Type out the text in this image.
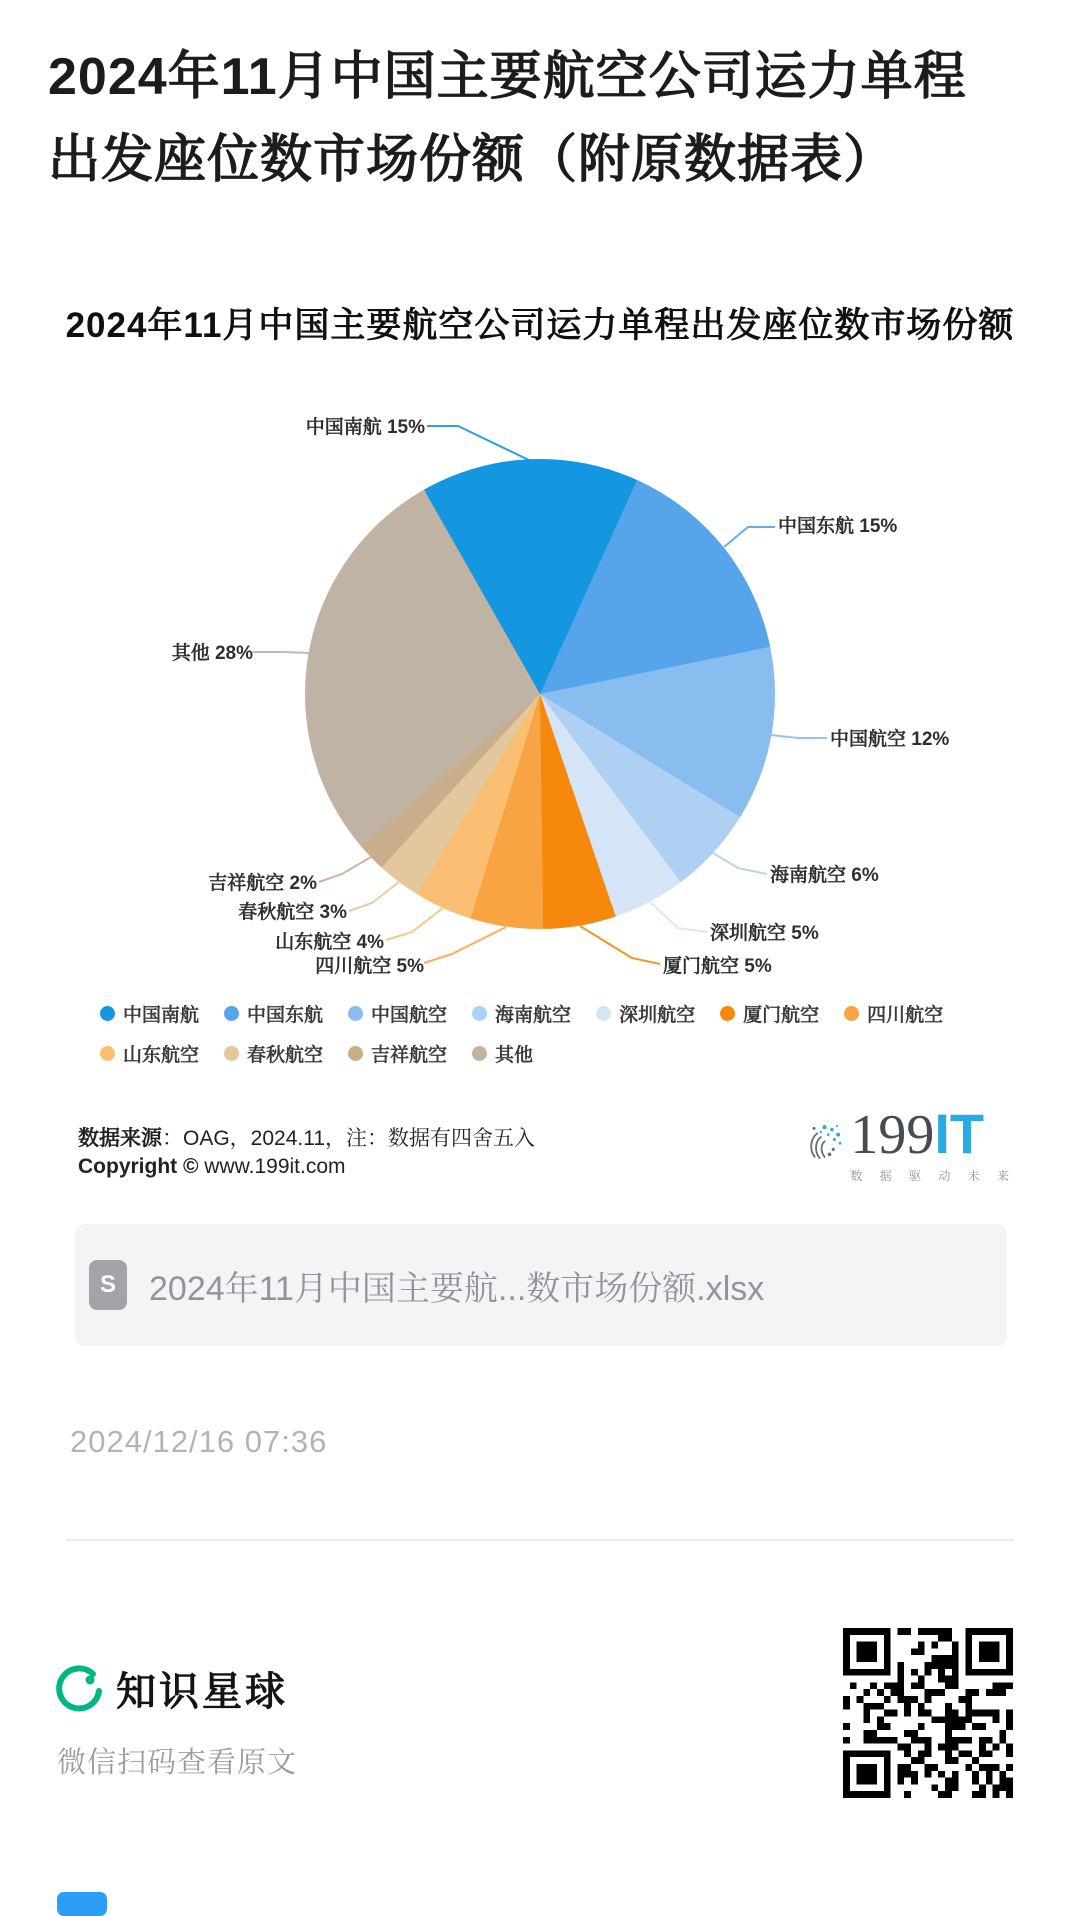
2024年11月中国主要航空公司运力单程
出发座位数市场份额（附原数据表）
2024年11月中国主要航空公司运力单程出发座位数市场份额
中国南航 15%
中国东航 15%
中国航空 12%
海南航空 6%
深圳航空 5%
厦门航空 5%
四川航空 5%
山东航空 4%
春秋航空 3%
吉祥航空 2%
其他 28%
中国南航	中国东航	中国航空	海南航空	深圳航空	厦门航空	四川航空
山东航空	春秋航空	吉祥航空	其他
数据来源：OAG，2024.11，注：数据有四舍五入
Copyright © www.199it.com
199IT
数 据 驱 动 未 来
S 2024年11月中国主要航...数市场份额.xlsx
2024/12/16 07:36
知识星球
微信扫码查看原文
